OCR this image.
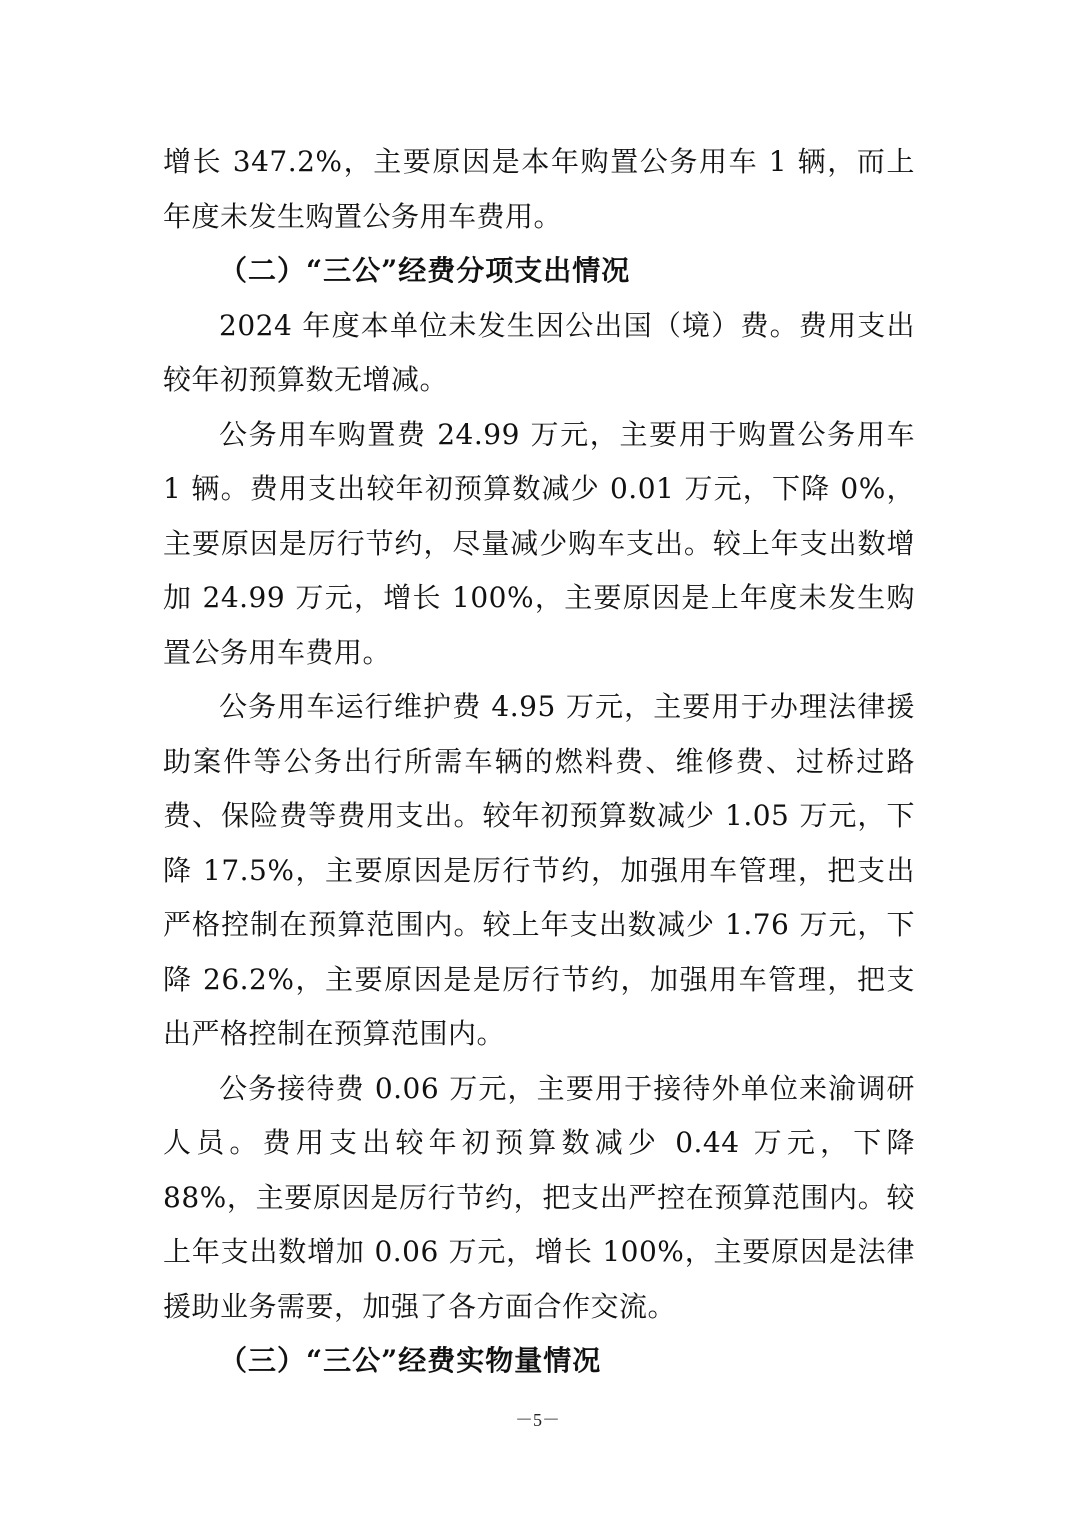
增长 347.2%，主要原因是本年购置公务用车 1 辆，而上年度未发生购置公务用车费用。

（二）“三公”经费分项支出情况

2024 年度本单位未发生因公出国（境）费。费用支出较年初预算数无增减。

公务用车购置费 24.99 万元，主要用于购置公务用车 1 辆。费用支出较年初预算数减少 0.01 万元，下降 0%，主要原因是厉行节约，尽量减少购车支出。较上年支出数增加 24.99 万元，增长 100%，主要原因是上年度未发生购置公务用车费用。

公务用车运行维护费 4.95 万元，主要用于办理法律援助案件等公务出行所需车辆的燃料费、维修费、过桥过路费、保险费等费用支出。较年初预算数减少 1.05 万元，下降 17.5%，主要原因是厉行节约，加强用车管理，把支出严格控制在预算范围内。较上年支出数减少 1.76 万元，下降 26.2%，主要原因是是厉行节约，加强用车管理，把支出严格控制在预算范围内。

公务接待费 0.06 万元，主要用于接待外单位来渝调研人员。费用支出较年初预算数减少 0.44 万元，下降 88%，主要原因是厉行节约，把支出严控在预算范围内。较上年支出数增加 0.06 万元，增长 100%，主要原因是法律援助业务需要，加强了各方面合作交流。

（三）“三公”经费实物量情况

－5－
